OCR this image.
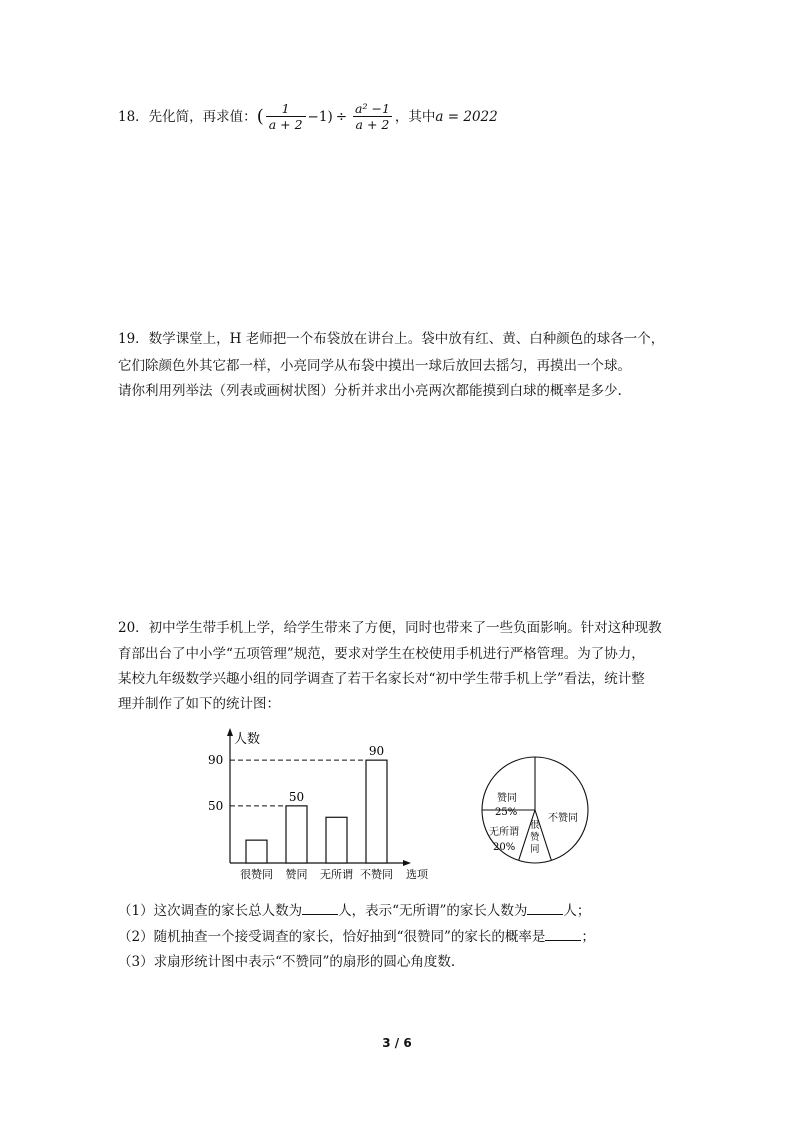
18．先化简，再求值： ( $\frac{1}{a + 2} -1) \div \frac{\text{a² −1}}{a + 2}$ ，其中 a = 2022
19．数学课堂上，H 老师把一个布袋放在讲台上。袋中放有红、黄、白种颜色的球各一个，
它们除颜色外其它都一样，小亮同学从布袋中摸出一球后放回去摇匀，再摸出一个球。
请你利用列举法（列表或画树状图）分析并求出小亮两次都能摸到白球的概率是多少.
20．初中学生带手机上学，给学生带来了方便，同时也带来了一些负面影响。针对这种现教
育部出台了中小学“五项管理”规范，要求对学生在校使用手机进行严格管理。为了协力，
某校九年级数学兴趣小组的同学调查了若干名家长对“初中学生带手机上学”看法，统计整
理并制作了如下的统计图：
人数
选项
50
90
很赞同 赞同 无所谓 不赞同
50
90
赞同
25%
不赞同
无所谓
20%
很赞同
（1）这次调查的家长总人数为	人，表示“无所谓”的家长人数为	人；
（2）随机抽查一个接受调查的家长，恰好抽到“很赞同”的家长的概率是	；
（3）求扇形统计图中表示“不赞同”的扇形的圆心角度数.
3 / 6
